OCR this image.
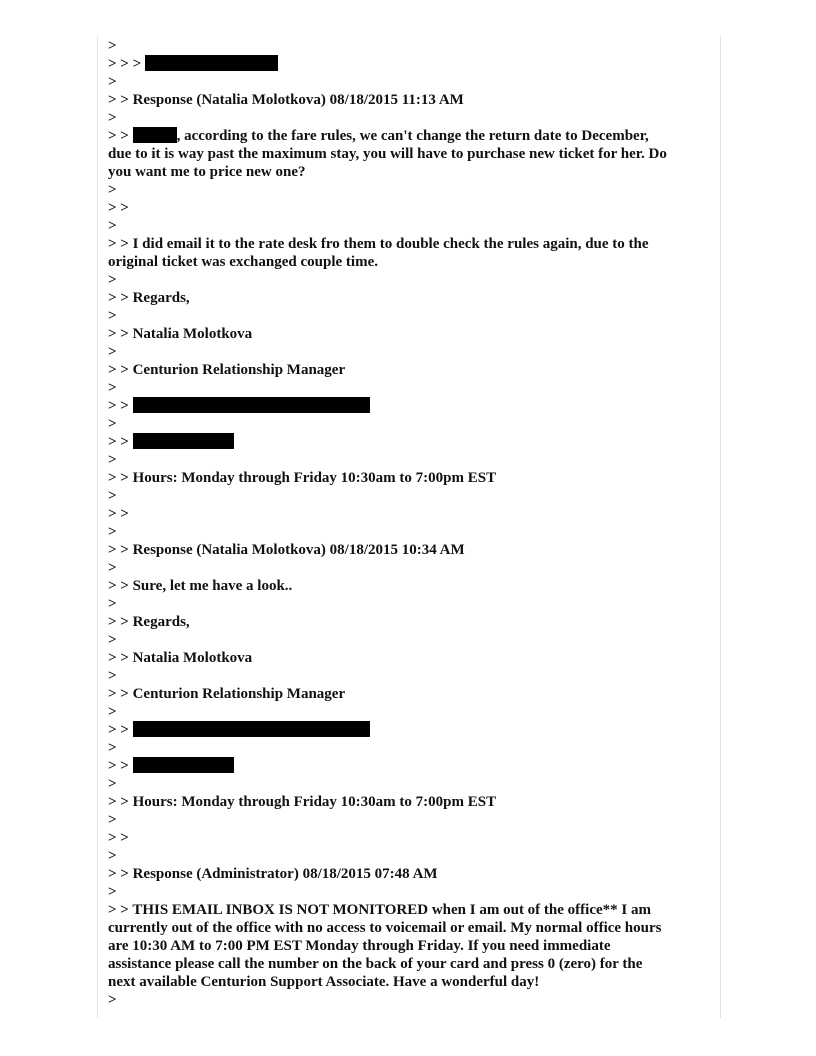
>
> > >
>
> > Response (Natalia Molotkova) 08/18/2015 11:13 AM
>
> >	, according to the fare rules, we can't change the return date to December,
due to it is way past the maximum stay, you will have to purchase new ticket for her. Do
you want me to price new one?
>
> >
>
> > I did email it to the rate desk fro them to double check the rules again, due to the
original ticket was exchanged couple time.
>
> > Regards,
>
> > Natalia Molotkova
>
> > Centurion Relationship Manager
>
> >
>
> >
>
> > Hours: Monday through Friday 10:30am to 7:00pm EST
>
> >
>
> > Response (Natalia Molotkova) 08/18/2015 10:34 AM
>
> > Sure, let me have a look..
>
> > Regards,
>
> > Natalia Molotkova
>
> > Centurion Relationship Manager
>
> >
>
> >
>
> > Hours: Monday through Friday 10:30am to 7:00pm EST
>
> >
>
> > Response (Administrator) 08/18/2015 07:48 AM
>
> > THIS EMAIL INBOX IS NOT MONITORED when I am out of the office** I am
currently out of the office with no access to voicemail or email. My normal office hours
are 10:30 AM to 7:00 PM EST Monday through Friday. If you need immediate
assistance please call the number on the back of your card and press 0 (zero) for the
next available Centurion Support Associate. Have a wonderful day!
>
